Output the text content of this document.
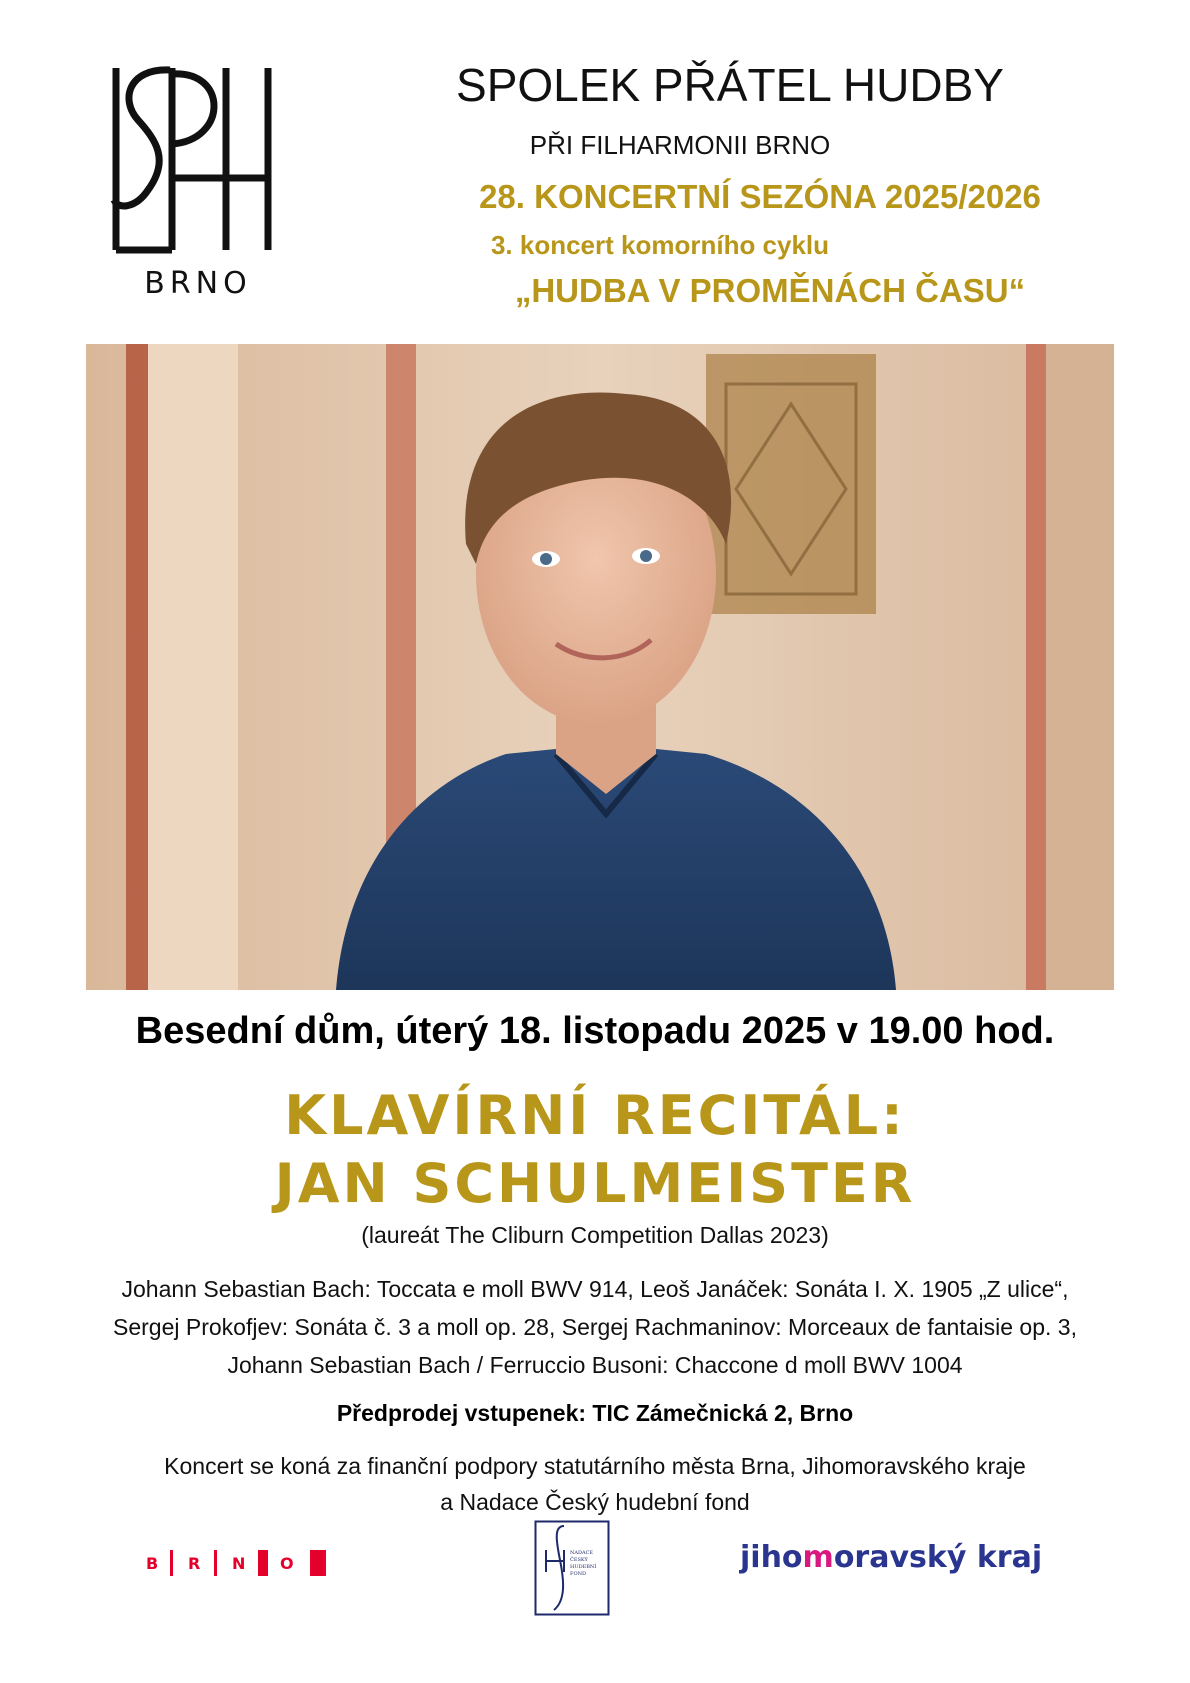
BRNO
SPOLEK PŘÁTEL HUDBY
PŘI FILHARMONII BRNO
28. KONCERTNÍ SEZÓNA 2025/2026
3. koncert komorního cyklu
„HUDBA V PROMĚNÁCH ČASU“
Besední dům, úterý 18. listopadu 2025 v 19.00 hod.
KLAVÍRNÍ RECITÁL:
JAN SCHULMEISTER
(laureát The Cliburn Competition Dallas 2023)
Johann Sebastian Bach: Toccata e moll BWV 914, Leoš Janáček: Sonáta I. X. 1905 „Z ulice“,
Sergej Prokofjev: Sonáta č. 3 a moll op. 28, Sergej Rachmaninov: Morceaux de fantaisie op. 3,
Johann Sebastian Bach / Ferruccio Busoni: Chaccone d moll BWV 1004
Předprodej vstupenek: TIC Zámečnická 2, Brno
Koncert se koná za finanční podpory statutárního města Brna, Jihomoravského kraje
a Nadace Český hudební fond
B R N O
NADACE
ČESKÝ
HUDEBNÍ
FOND	jihomoravský kraj
